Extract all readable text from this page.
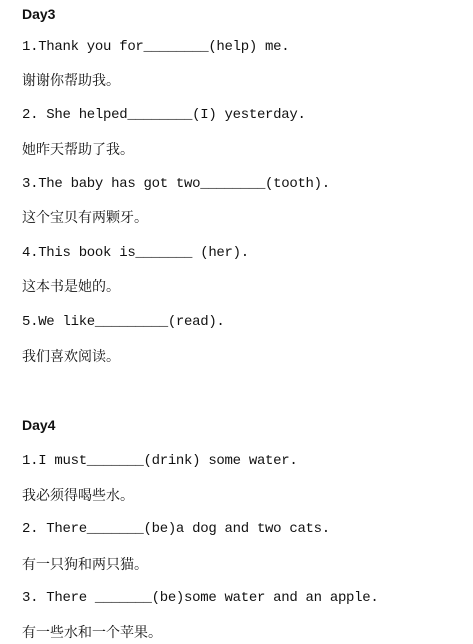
Day3
1.Thank you for________(help) me.
谢谢你帮助我。
2. She helped________(I) yesterday.
她昨天帮助了我。
3.The baby has got two________(tooth).
这个宝贝有两颗牙。
4.This book is_______ (her).
这本书是她的。
5.We like_________(read).
我们喜欢阅读。
Day4
1.I must_______(drink) some water.
我必须得喝些水。
2. There_______(be)a dog and two cats.
有一只狗和两只猫。
3. There _______(be)some water and an apple.
有一些水和一个苹果。
